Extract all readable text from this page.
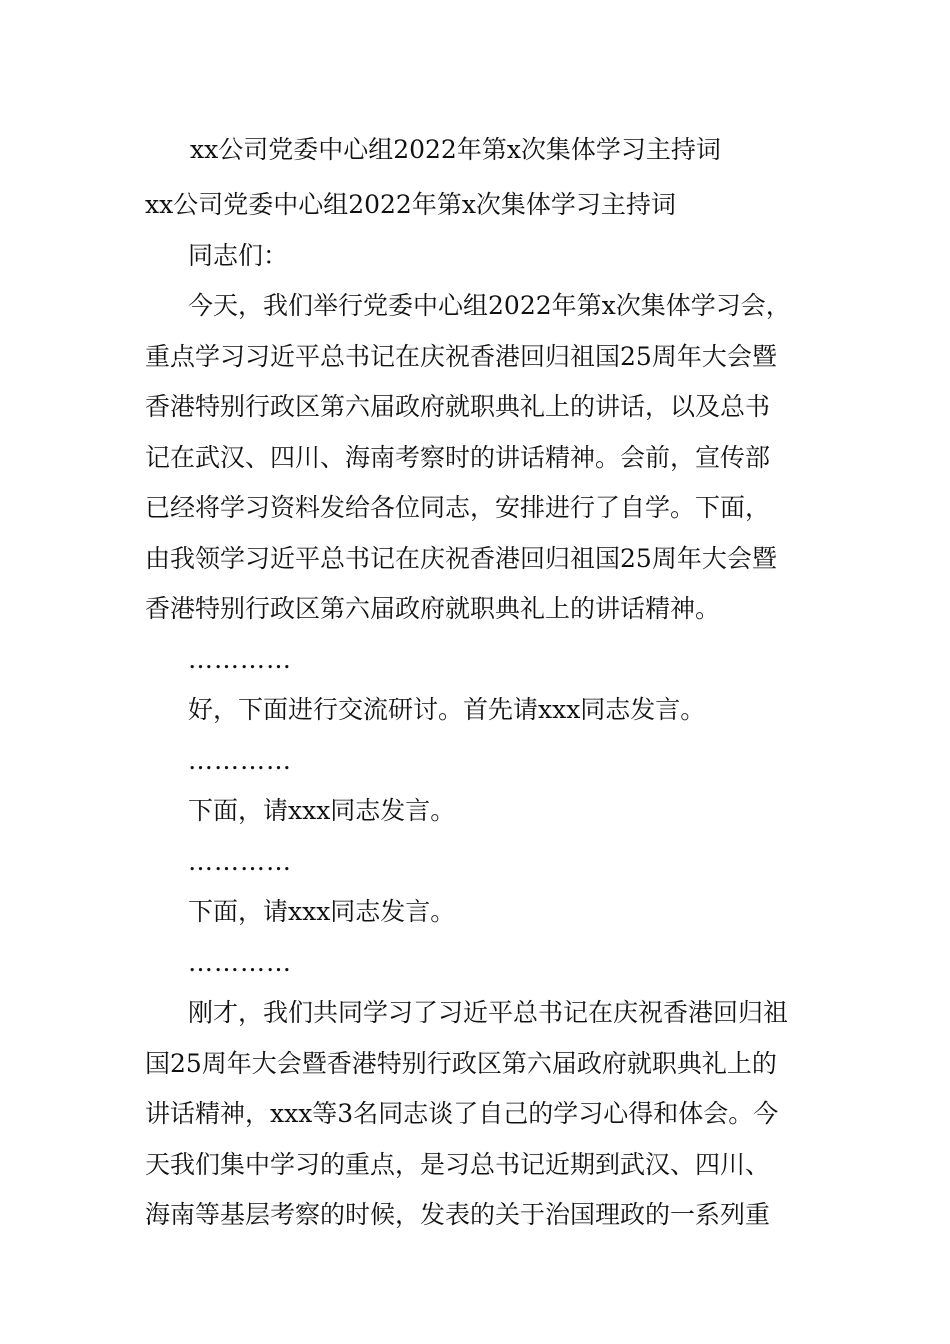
xx公司党委中心组2022年第x次集体学习主持词
xx公司党委中心组2022年第x次集体学习主持词
同志们：
今天，我们举行党委中心组2022年第x次集体学习会，
重点学习习近平总书记在庆祝香港回归祖国25周年大会暨
香港特别行政区第六届政府就职典礼上的讲话，以及总书
记在武汉、四川、海南考察时的讲话精神。会前，宣传部
已经将学习资料发给各位同志，安排进行了自学。下面，
由我领学习近平总书记在庆祝香港回归祖国25周年大会暨
香港特别行政区第六届政府就职典礼上的讲话精神。
…………
好，下面进行交流研讨。首先请xxx同志发言。
…………
下面，请xxx同志发言。
…………
下面，请xxx同志发言。
…………
刚才，我们共同学习了习近平总书记在庆祝香港回归祖
国25周年大会暨香港特别行政区第六届政府就职典礼上的
讲话精神，xxx等3名同志谈了自己的学习心得和体会。今
天我们集中学习的重点，是习总书记近期到武汉、四川、
海南等基层考察的时候，发表的关于治国理政的一系列重
